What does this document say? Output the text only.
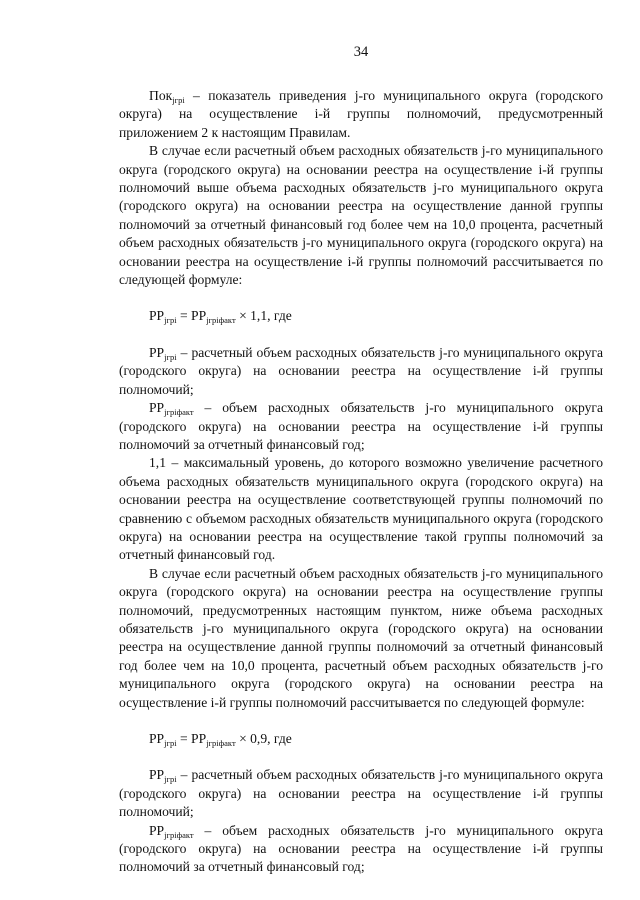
34

Пок$_{jгрi}$ – показатель приведения j-го муниципального округа (городского округа) на осуществление i-й группы полномочий, предусмотренный приложением 2 к настоящим Правилам.

В случае если расчетный объем расходных обязательств j-го муниципального округа (городского округа) на основании реестра на осуществление i-й группы полномочий выше объема расходных обязательств j-го муниципального округа (городского округа) на основании реестра на осуществление данной группы полномочий за отчетный финансовый год более чем на 10,0 процента, расчетный объем расходных обязательств j-го муниципального округа (городского округа) на основании реестра на осуществление i-й группы полномочий рассчитывается по следующей формуле:

$РР_{jгрi} = РР_{jгрiфакт} \times 1,1$, где

$РР_{jгрi}$ – расчетный объем расходных обязательств j-го муниципального округа (городского округа) на основании реестра на осуществление i-й группы полномочий;

$РР_{jгрiфакт}$ – объем расходных обязательств j-го муниципального округа (городского округа) на основании реестра на осуществление i-й группы полномочий за отчетный финансовый год;

1,1 – максимальный уровень, до которого возможно увеличение расчетного объема расходных обязательств муниципального округа (городского округа) на основании реестра на осуществление соответствующей группы полномочий по сравнению с объемом расходных обязательств муниципального округа (городского округа) на основании реестра на осуществление такой группы полномочий за отчетный финансовый год.

В случае если расчетный объем расходных обязательств j-го муниципального округа (городского округа) на основании реестра на осуществление группы полномочий, предусмотренных настоящим пунктом, ниже объема расходных обязательств j-го муниципального округа (городского округа) на основании реестра на осуществление данной группы полномочий за отчетный финансовый год более чем на 10,0 процента, расчетный объем расходных обязательств j-го муниципального округа (городского округа) на основании реестра на осуществление i-й группы полномочий рассчитывается по следующей формуле:

$РР_{jгрi} = РР_{jгрiфакт} \times 0,9$, где

$РР_{jгрi}$ – расчетный объем расходных обязательств j-го муниципального округа (городского округа) на основании реестра на осуществление i-й группы полномочий;

$РР_{jгрiфакт}$ – объем расходных обязательств j-го муниципального округа (городского округа) на основании реестра на осуществление i-й группы полномочий за отчетный финансовый год;
